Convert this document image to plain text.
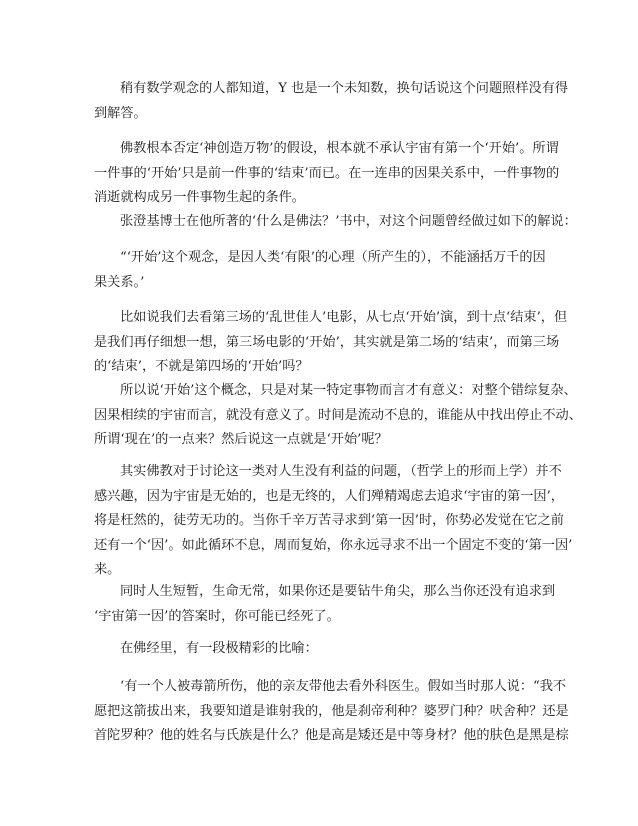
稍有数学观念的人都知道，Y 也是一个未知数，换句话说这个问题照样没有得
到解答。

佛教根本否定‘神创造万物’的假设，根本就不承认宇宙有第一个‘开始’。所谓
一件事的‘开始’只是前一件事的‘结束’而已。在一连串的因果关系中，一件事物的
消逝就构成另一件事物生起的条件。

张澄基博士在他所著的‘什么是佛法？’书中，对这个问题曾经做过如下的解说：

“‘开始’这个观念，是因人类‘有限’的心理（所产生的），不能涵括万千的因
果关系。’

比如说我们去看第三场的‘乱世佳人’电影，从七点‘开始’演，到十点‘结束’，但
是我们再仔细想一想，第三场电影的‘开始’，其实就是第二场的‘结束’，而第三场
的‘结束’，不就是第四场的‘开始’吗？

所以说‘开始’这个概念，只是对某一特定事物而言才有意义：对整个错综复杂、
因果相续的宇宙而言，就没有意义了。时间是流动不息的，谁能从中找出停止不动、
所谓‘现在’的一点来？然后说这一点就是‘开始’呢？

其实佛教对于讨论这一类对人生没有利益的问题，（哲学上的形而上学）并不
感兴趣，因为宇宙是无始的，也是无终的，人们殚精竭虑去追求‘宇宙的第一因’，
将是枉然的，徒劳无功的。当你千辛万苦寻求到‘第一因’时，你势必发觉在它之前
还有一个‘因’。如此循环不息，周而复始，你永远寻求不出一个固定不变的‘第一因’
来。

同时人生短暂，生命无常，如果你还是要钻牛角尖，那么当你还没有追求到
‘宇宙第一因’的答案时，你可能已经死了。

在佛经里，有一段极精彩的比喻：

‘有一个人被毒箭所伤，他的亲友带他去看外科医生。假如当时那人说：“我不
愿把这箭拔出来，我要知道是谁射我的，他是刹帝利种？婆罗门种？吠舍种？还是
首陀罗种？他的姓名与氏族是什么？他是高是矮还是中等身材？他的肤色是黑是棕
